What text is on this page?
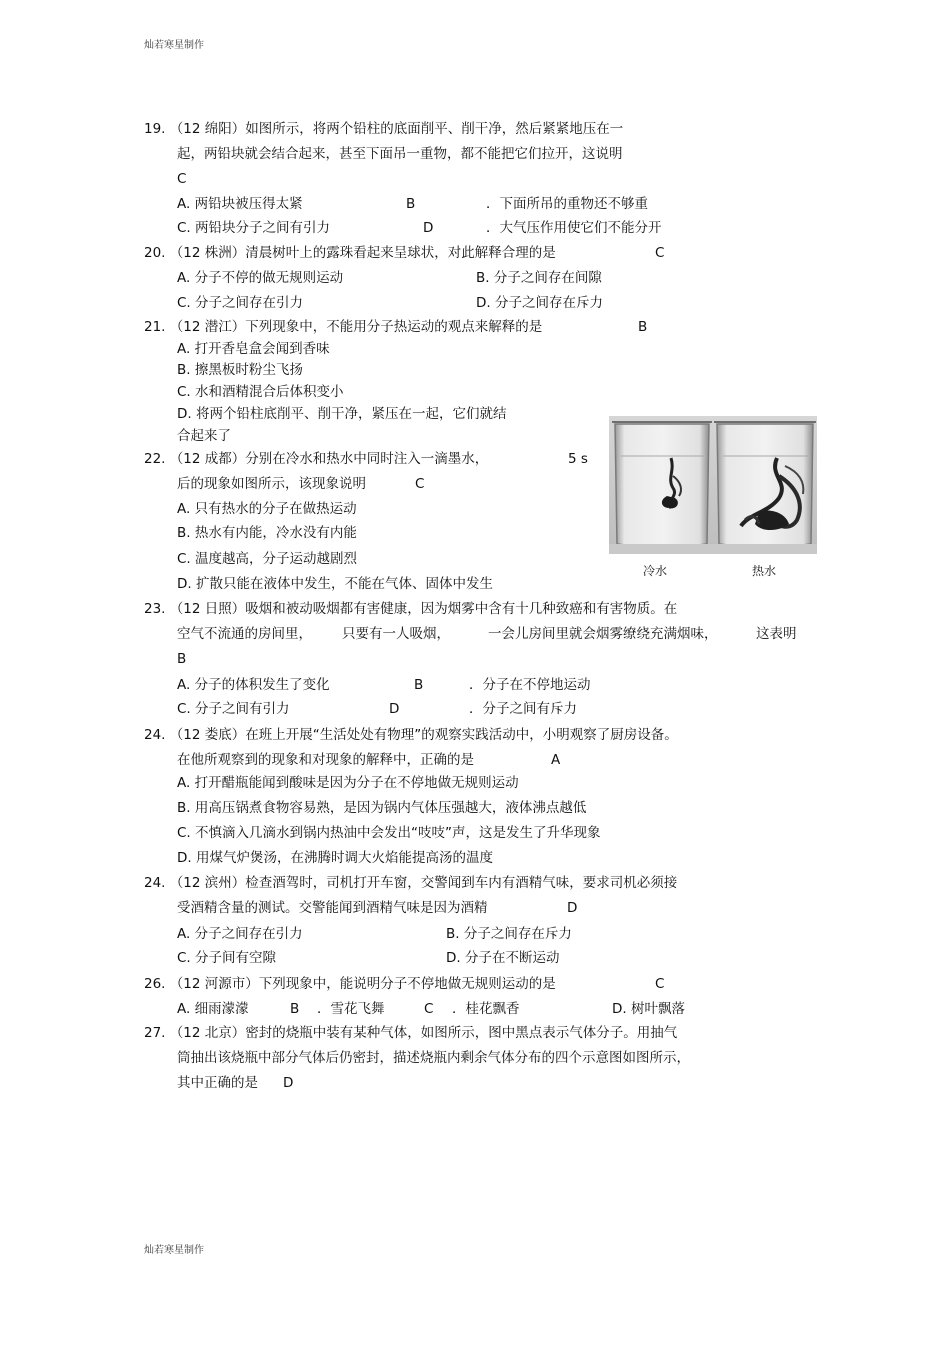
灿若寒星制作
19. （12 绵阳）如图所示，将两个铅柱的底面削平、削干净，然后紧紧地压在一
起，两铅块就会结合起来，甚至下面吊一重物，都不能把它们拉开，这说明
C
A. 两铅块被压得太紧	B	．下面所吊的重物还不够重
C. 两铅块分子之间有引力	D	．大气压作用使它们不能分开
20. （12 株洲）清晨树叶上的露珠看起来呈球状，对此解释合理的是	C
A. 分子不停的做无规则运动	B. 分子之间存在间隙
C. 分子之间存在引力	D. 分子之间存在斥力
21. （12 潜江）下列现象中，不能用分子热运动的观点来解释的是	B
A. 打开香皂盒会闻到香味
B. 擦黑板时粉尘飞扬
C. 水和酒精混合后体积变小
D. 将两个铅柱底削平、削干净，紧压在一起，它们就结
合起来了
22. （12 成都）分别在冷水和热水中同时注入一滴墨水，	5 s
后的现象如图所示，该现象说明	C
A. 只有热水的分子在做热运动
B. 热水有内能，冷水没有内能
C. 温度越高，分子运动越剧烈
D. 扩散只能在液体中发生，不能在气体、固体中发生
冷水	热水
23. （12 日照）吸烟和被动吸烟都有害健康，因为烟雾中含有十几种致癌和有害物质。在
空气不流通的房间里， 只要有一人吸烟，	一会儿房间里就会烟雾缭绕充满烟味，	这表明
B
A. 分子的体积发生了变化	B	．分子在不停地运动
C. 分子之间有引力	D	．分子之间有斥力
24. （12 娄底）在班上开展“生活处处有物理”的观察实践活动中，小明观察了厨房设备。
在他所观察到的现象和对现象的解释中，正确的是	A
A. 打开醋瓶能闻到酸味是因为分子在不停地做无规则运动
B. 用高压锅煮食物容易熟，是因为锅内气体压强越大，液体沸点越低
C. 不慎滴入几滴水到锅内热油中会发出“吱吱”声，这是发生了升华现象
D. 用煤气炉煲汤，在沸腾时调大火焰能提高汤的温度
24. （12 滨州）检查酒驾时，司机打开车窗，交警闻到车内有酒精气味，要求司机必须接
受酒精含量的测试。交警能闻到酒精气味是因为酒精	D
A. 分子之间存在引力	B. 分子之间存在斥力
C. 分子间有空隙	D. 分子在不断运动
26. （12 河源市）下列现象中，能说明分子不停地做无规则运动的是	C
A. 细雨濛濛	B ．雪花飞舞	C ．桂花飘香	D. 树叶飘落
27. （12 北京）密封的烧瓶中装有某种气体，如图所示，图中黑点表示气体分子。用抽气
筒抽出该烧瓶中部分气体后仍密封，描述烧瓶内剩余气体分布的四个示意图如图所示，
其中正确的是 D
灿若寒星制作
